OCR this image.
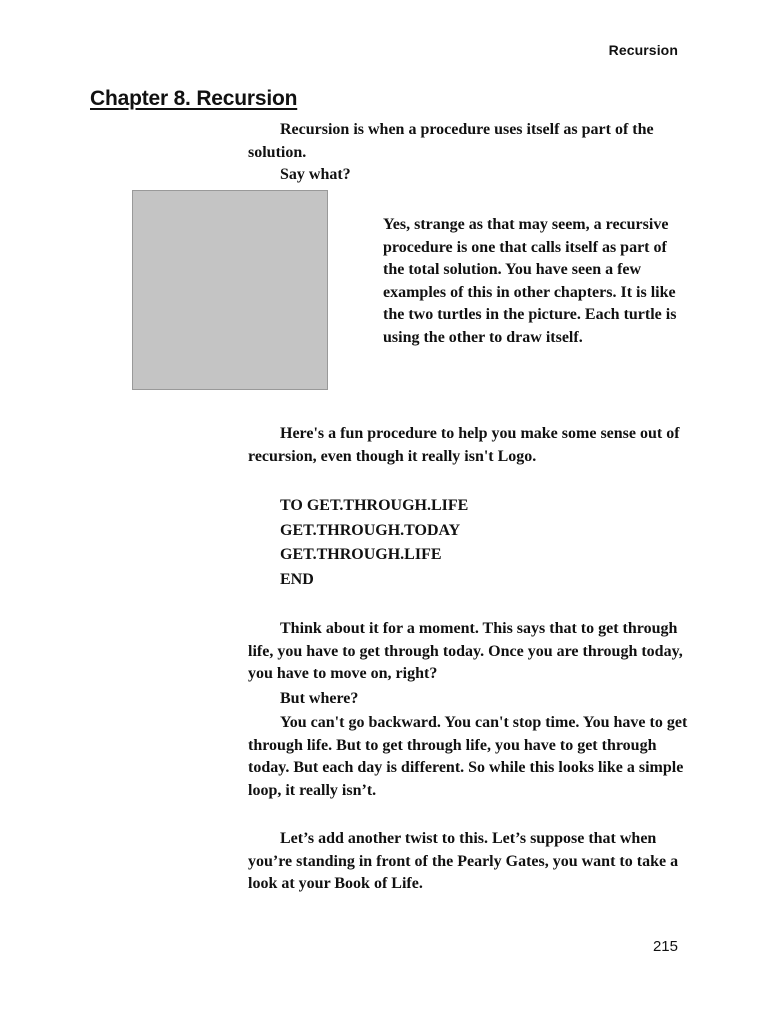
Recursion
Chapter 8. Recursion

Recursion is when a procedure uses itself as part of the solution.

Say what?

Yes, strange as that may seem, a recursive procedure is one that calls itself as part of the total solution. You have seen a few examples of this in other chapters. It is like the two turtles in the picture. Each turtle is using the other to draw itself.

Here's a fun procedure to help you make some sense out of recursion, even though it really isn't Logo.

TO GET.THROUGH.LIFE
GET.THROUGH.TODAY
GET.THROUGH.LIFE
END

Think about it for a moment. This says that to get through life, you have to get through today. Once you are through today, you have to move on, right?

But where?

You can't go backward. You can't stop time. You have to get through life. But to get through life, you have to get through today. But each day is different. So while this looks like a simple loop, it really isn’t.

Let’s add another twist to this. Let’s suppose that when you’re standing in front of the Pearly Gates, you want to take a look at your Book of Life.

215
